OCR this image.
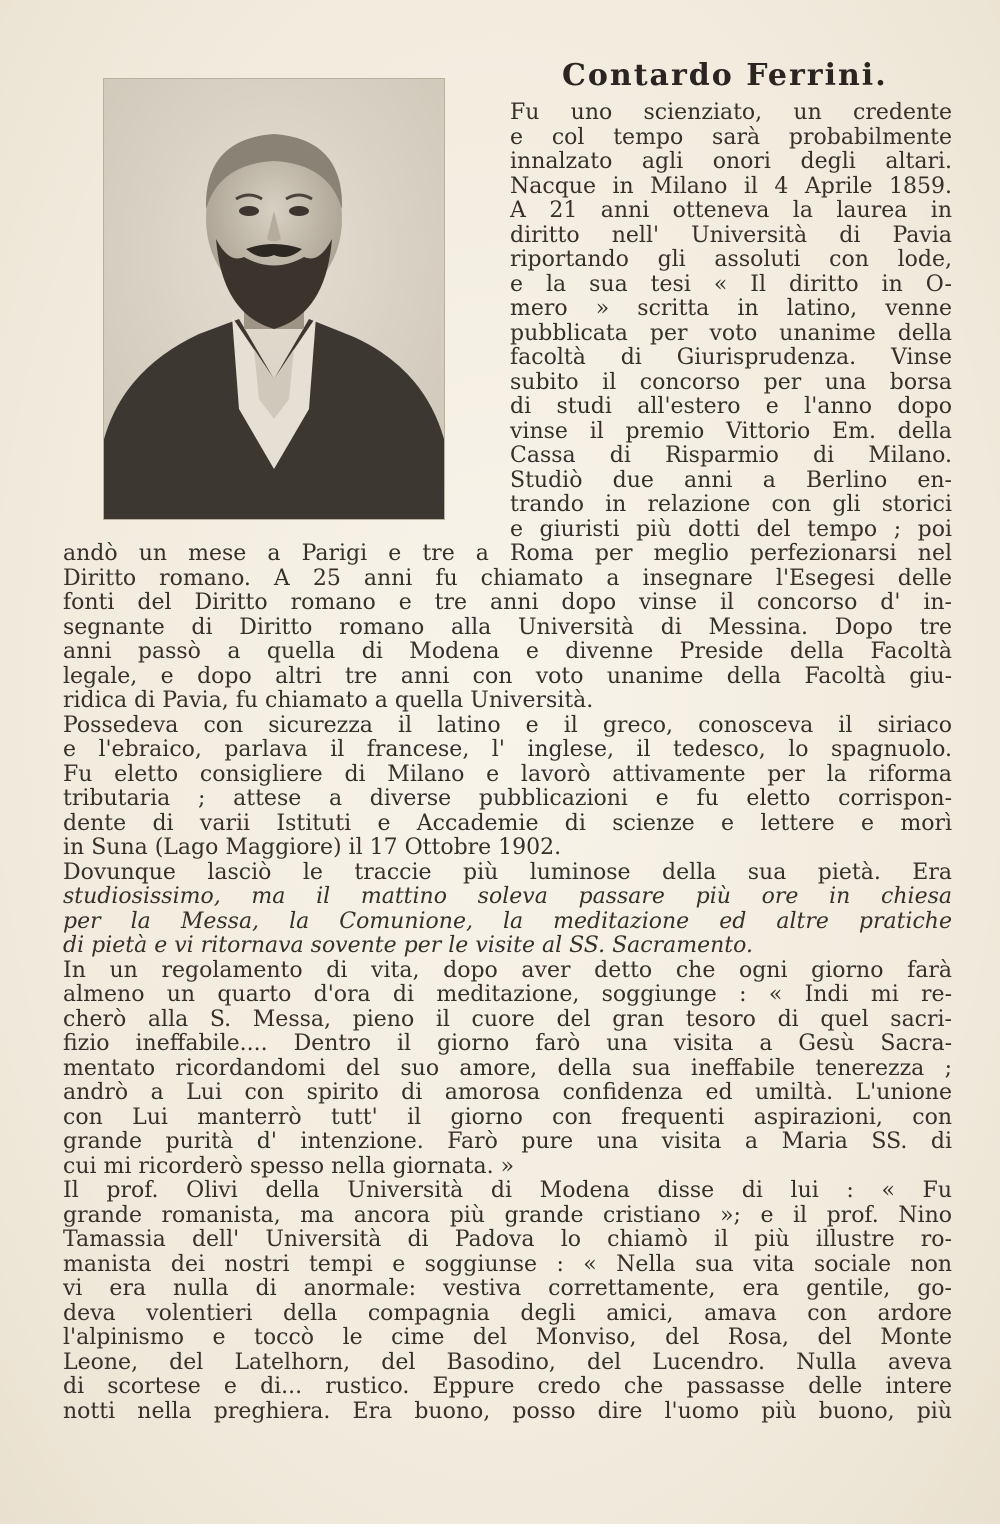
Contardo Ferrini.
Fu uno scienziato, un credente
e col tempo sarà probabilmente
innalzato agli onori degli altari.
Nacque in Milano il 4 Aprile 1859.
A 21 anni otteneva la laurea in
diritto nell' Università di Pavia
riportando gli assoluti con lode,
e la sua tesi « Il diritto in O-
mero » scritta in latino, venne
pubblicata per voto unanime della
facoltà di Giurisprudenza. Vinse
subito il concorso per una borsa
di studi all'estero e l'anno dopo
vinse il premio Vittorio Em. della
Cassa di Risparmio di Milano.
Studiò due anni a Berlino en-
trando in relazione con gli storici
e giuristi più dotti del tempo ; poi
andò un mese a Parigi e tre a Roma per meglio perfezionarsi nel
Diritto romano. A 25 anni fu chiamato a insegnare l'Esegesi delle
fonti del Diritto romano e tre anni dopo vinse il concorso d' in-
segnante di Diritto romano alla Università di Messina. Dopo tre
anni passò a quella di Modena e divenne Preside della Facoltà
legale, e dopo altri tre anni con voto unanime della Facoltà giu-
ridica di Pavia, fu chiamato a quella Università.
Possedeva con sicurezza il latino e il greco, conosceva il siriaco
e l'ebraico, parlava il francese, l' inglese, il tedesco, lo spagnuolo.
Fu eletto consigliere di Milano e lavorò attivamente per la riforma
tributaria ; attese a diverse pubblicazioni e fu eletto corrispon-
dente di varii Istituti e Accademie di scienze e lettere e morì
in Suna (Lago Maggiore) il 17 Ottobre 1902.
Dovunque lasciò le traccie più luminose della sua pietà. Era
studiosissimo, ma il mattino soleva passare più ore in chiesa
per la Messa, la Comunione, la meditazione ed altre pratiche
di pietà e vi ritornava sovente per le visite al SS. Sacramento.
In un regolamento di vita, dopo aver detto che ogni giorno farà
almeno un quarto d'ora di meditazione, soggiunge : « Indi mi re-
cherò alla S. Messa, pieno il cuore del gran tesoro di quel sacri-
fizio ineffabile.... Dentro il giorno farò una visita a Gesù Sacra-
mentato ricordandomi del suo amore, della sua ineffabile tenerezza ;
andrò a Lui con spirito di amorosa confidenza ed umiltà. L'unione
con Lui manterrò tutt' il giorno con frequenti aspirazioni, con
grande purità d' intenzione. Farò pure una visita a Maria SS. di
cui mi ricorderò spesso nella giornata. »
Il prof. Olivi della Università di Modena disse di lui : « Fu
grande romanista, ma ancora più grande cristiano »; e il prof. Nino
Tamassia dell' Università di Padova lo chiamò il più illustre ro-
manista dei nostri tempi e soggiunse : « Nella sua vita sociale non
vi era nulla di anormale: vestiva correttamente, era gentile, go-
deva volentieri della compagnia degli amici, amava con ardore
l'alpinismo e toccò le cime del Monviso, del Rosa, del Monte
Leone, del Latelhorn, del Basodino, del Lucendro. Nulla aveva
di scortese e di... rustico. Eppure credo che passasse delle intere
notti nella preghiera. Era buono, posso dire l'uomo più buono, più
